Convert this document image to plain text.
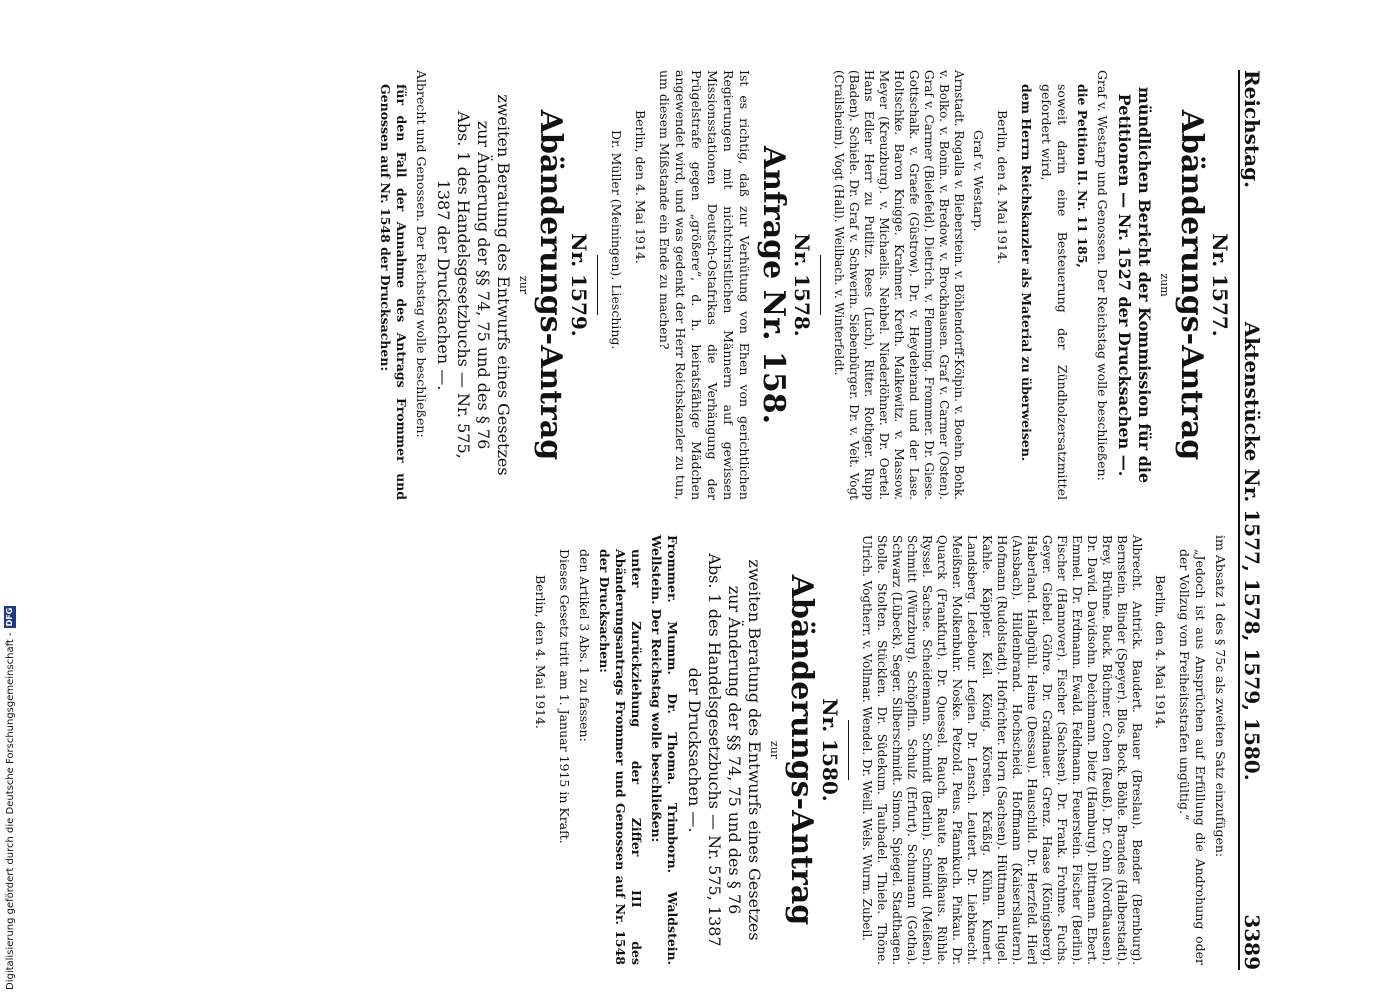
Reichstag.
Aktenstücke Nr. 1577, 1578, 1579, 1580.
3389
Nr. 1577.
Abänderungs-Antrag
zum
mündlichen Bericht der Kommission für die
Petitionen — Nr. 1527 der Drucksachen —.
Graf v. Westarp und Genossen. Der Reichstag wolle beschließen:
die Petition II. Nr. 11 185,
soweit darin eine Besteuerung der Zündholzersatzmittel gefordert wird,
dem Herrn Reichskanzler als Material zu überweisen.
Berlin, den 4. Mai 1914.
Graf v. Westarp.
Arnstadt. Rogalla v. Bieberstein. v. Böhlendorff-Kölpin. v. Boehn. Bohk. v. Bolko. v. Bonin. v. Bredow. v. Brockhausen. Graf v. Carmer (Osten). Graf v. Carmer (Bielefeld). Dietrich. v. Flemming. Frommer. Dr. Giese. Gottschalk. v. Graefe (Güstrow). Dr. v. Heydebrand und der Lase. Holtschke. Baron Knigge. Krahmer. Kreth. Malkewitz. v. Massow. Meyer (Kreuzburg). v. Michaelis. Nehbel. Niederlöhner. Dr. Oertel. Hans Edler Herr zu Putlitz. Rees (Luch). Ritter. Rothger. Rupp (Baden). Schiele. Dr. Graf v. Schwerin. Siebenbürger. Dr. v. Veit. Vogt (Crailsheim). Vogt (Hall). Weilbach. v. Winterfeldt.
Nr. 1578.
Anfrage Nr. 158.
Ist es richtig, daß zur Verhütung von Ehen von gerichtlichen Regierungen mit nichtchristlichen Männern auf gewissen Missionsstationen Deutsch-Ostafrikas die Verhängung der Prügelstrafe gegen „größere“, d. h. heiratsfähige Mädchen angewendet wird, und was gedenkt der Herr Reichskanzler zu tun, um diesem Mißstande ein Ende zu machen?
Berlin, den 4. Mai 1914.
Dr. Müller (Meiningen). Liesching.
Nr. 1579.
Abänderungs-Antrag
zur
zweiten Beratung des Entwurfs eines Gesetzes
zur Änderung der §§ 74, 75 und des § 76
Abs. 1 des Handelsgesetzbuchs — Nr. 575,
1387 der Drucksachen —.
Albrecht und Genossen. Der Reichstag wolle beschließen:
für den Fall der Annahme des Antrags Frommer und Genossen auf Nr. 1548 der Drucksachen:
im Absatz 1 des § 75c als zweiten Satz einzufügen:
„Jedoch ist aus Ansprüchen auf Erfüllung die Androhung oder der Vollzug von Freiheitsstrafen ungültig.“
Berlin, den 4. Mai 1914.
Albrecht. Antrick. Baudert. Bauer (Breslau). Bender (Bernburg). Bernstein. Binder (Speyer). Blos. Bock. Böhle. Brandes (Halberstadt). Brey. Brühne. Buck. Büchner. Cohen (Reuß). Dr. Cohn (Nordhausen). Dr. David. Davidsohn. Deichmann. Dietz (Hamburg). Dittmann. Ebert. Emmel. Dr. Erdmann. Ewald. Feldmann. Feuerstein. Fischer (Berlin). Fischer (Hannover). Fischer (Sachsen). Dr. Frank. Frohme. Fuchs. Geyer. Giebel. Göhre. Dr. Gradnauer. Grenz. Haase (Königsberg). Haberland. Halbgühl. Heine (Dessau). Hauschild. Dr. Herzfeld. Hierl (Ansbach). Hildenbrand. Hochscheid. Hoffmann (Kaiserslautern). Hofmann (Rudolstadt). Hofrichter. Horn (Sachsen). Hüttmann. Hugel. Kahle. Käppler. Keil. König. Körsten. Kräßig. Kühn. Kunert. Landsberg. Ledebour. Legien. Dr. Lensch. Leutert. Dr. Liebknecht. Meißner. Molkenbuhr. Noske. Petzold. Peus. Pfannkuch. Pinkau. Dr. Quarck (Frankfurt). Dr. Quessel. Rauch. Raute. Reißhaus. Rühle. Ryssel. Sachse. Scheidemann. Schmidt (Berlin). Schmidt (Meißen). Schmitt (Würzburg). Schöpflin. Schulz (Erfurt). Schumann (Gotha). Schwarz (Lübeck). Seger. Silberschmidt. Simon. Spiegel. Stadthagen. Stolle. Stolten. Stücklen. Dr. Südekum. Taubadel. Thiele. Thöne. Ulrich. Vogtherr. v. Vollmar. Wendel. Dr. Weill. Wels. Wurm. Zubeil.
Nr. 1580.
Abänderungs-Antrag
zur
zweiten Beratung des Entwurfs eines Gesetzes
zur Änderung der §§ 74, 75 und des § 76
Abs. 1 des Handelsgesetzbuchs — Nr. 575, 1387
der Drucksachen —.
Frommer. Mumm. Dr. Thoma. Trimborn. Waldstein. Wellstein. Der Reichstag wolle beschließen:
unter Zurückziehung der Ziffer III des Abänderungsantrags Frommer und Genossen auf Nr. 1548 der Drucksachen:
den Artikel 3 Abs. 1 zu fassen:
Dieses Gesetz tritt am 1. Januar 1915 in Kraft.
Berlin, den 4. Mai 1914.
Digitalisierung gefördert durch die Deutsche Forschungsgemeinschaft -
DFG
